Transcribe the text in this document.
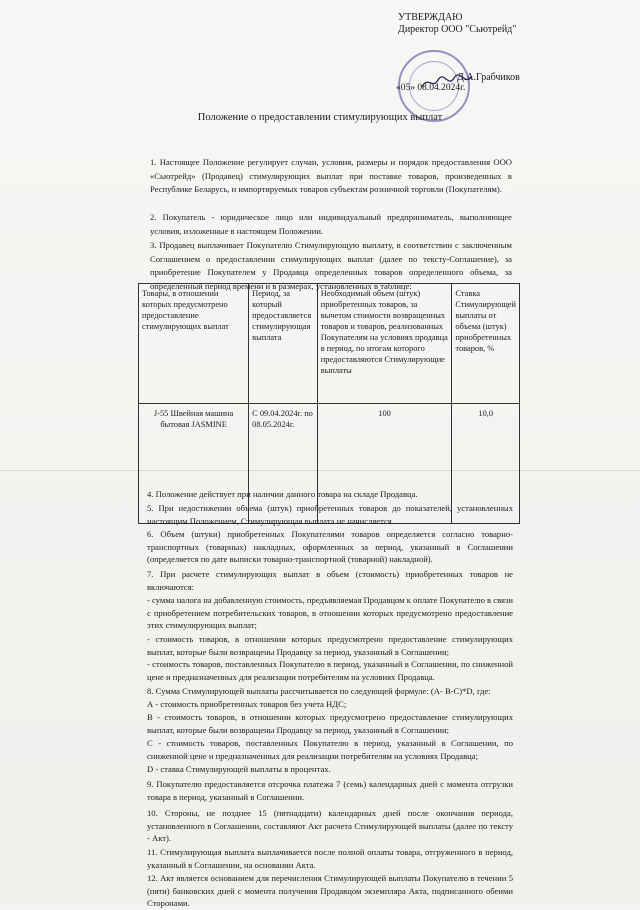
УТВЕРЖДАЮ
Директор ООО "Сьютрейд"
Д.А.Грабчиков
«05» 08.04.2024г.
Положение о предоставлении стимулирующих выплат
1. Настоящее Положение регулирует случаи, условия, размеры и порядок предоставления ООО «Сьютрейд» (Продавец) стимулирующих выплат при поставке товаров, произведенных в Республике Беларусь, и импортируемых товаров субъектам розничной торговли (Покупателям).
2. Покупатель - юридическое лицо или индивидуальный предприниматель, выполняющее условия, изложенные в настоящем Положении.
3. Продавец выплачивает Покупателю Стимулирующую выплату, в соответствии с заключенным Соглашением о предоставлении стимулирующих выплат (далее по тексту-Соглашение), за приобретение Покупателем у Продавца определенных товаров определенного объема, за определенный период времени и в размерах, установленных в таблице:
Товары, в отношении которых предусмотрено предоставление стимулирующих выплат	Период, за который предоставляется стимулирующая выплата	Необходимый объем (штук) приобретенных товаров, за вычетом стоимости возвращенных товаров и товаров, реализованных Покупателям на условиях продавца в период, по итогам которого предоставляются Стимулирующие выплаты	Ставка Стимулирующей выплаты от объема (штук) приобретенных товаров, %
J-55 Швейная машина бытовая JASMINE	С 09.04.2024г. по 08.05.2024г.	100	10,0
4. Положение действует при наличии данного товара на складе Продавца.
5. При недостижении объема (штук) приобретенных товаров до показателей, установленных настоящим Положением, Стимулирующая выплата не начисляется.
6. Объем (штуки) приобретенных Покупателями товаров определяется согласно товарно-транспортных (товарных) накладных, оформленных за период, указанный в Соглашении (определяется по дате выписки товарно-транспортной (товарной) накладной).
7. При расчете стимулирующих выплат в объем (стоимость) приобретенных товаров не включаются:
- сумма налога на добавленную стоимость, предъявляемая Продавцом к оплате Покупателю в связи с приобретением потребительских товаров, в отношении которых предусмотрено предоставление этих стимулирующих выплат;
- стоимость товаров, в отношении которых предусмотрено предоставление стимулирующих выплат, которые были возвращены Продавцу за период, указанный в Соглашении;
- стоимость товаров, поставленных Покупателю в период, указанный в Соглашении, по сниженной цене и предназначенных для реализации потребителям на условиях Продавца.
8. Сумма Стимулирующей выплаты рассчитывается по следующей формуле: (А- В-С)*D, где:
А - стоимость приобретенных товаров без учета НДС;
В - стоимость товаров, в отношении которых предусмотрено предоставление стимулирующих выплат, которые были возвращены Продавцу за период, указанный в Соглашении;
С - стоимость товаров, поставленных Покупателю в период, указанный в Соглашении, по сниженной цене и предназначенных для реализации потребителям на условиях Продавца;
D - ставка Стимулирующей выплаты в процентах.
9. Покупателю предоставляется отсрочка платежа 7 (семь) календарных дней с момента отгрузки товара в период, указанный в Соглашении.
10. Стороны, не позднее 15 (пятнадцати) календарных дней после окончания периода, установленного в Соглашении, составляют Акт расчета Стимулирующей выплаты (далее по тексту - Акт).
11. Стимулирующая выплата выплачивается после полной оплаты товара, отгруженного в период, указанный в Соглашении, на основании Акта.
12. Акт является основанием для перечисления Стимулирующей выплаты Покупателю в течении 5 (пяти) банковских дней с момента получения Продавцом экземпляра Акта, подписанного обеими Сторонами.
